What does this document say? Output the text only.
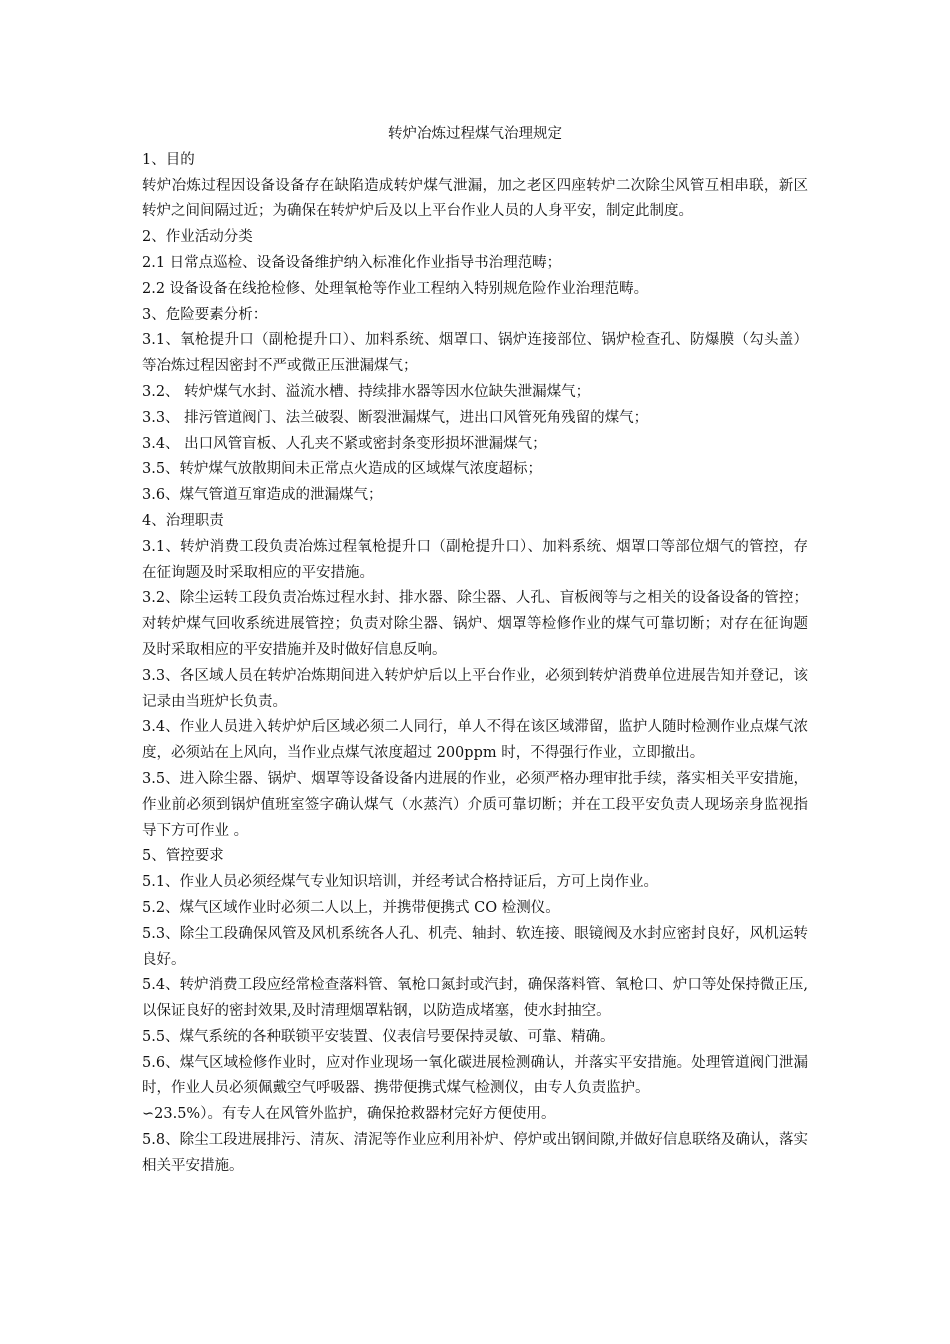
转炉冶炼过程煤气治理规定

1、目的

转炉冶炼过程因设备设备存在缺陷造成转炉煤气泄漏，加之老区四座转炉二次除尘风管互相串联，新区转炉之间间隔过近；为确保在转炉炉后及以上平台作业人员的人身平安，制定此制度。

2、作业活动分类

2.1 日常点巡检、设备设备维护纳入标准化作业指导书治理范畴；

2.2 设备设备在线抢检修、处理氧枪等作业工程纳入特别规危险作业治理范畴。

3、危险要素分析：

3.1、氧枪提升口（副枪提升口）、加料系统、烟罩口、锅炉连接部位、锅炉检查孔、防爆膜（勾头盖）等冶炼过程因密封不严或微正压泄漏煤气；

3.2、 转炉煤气水封、溢流水槽、持续排水器等因水位缺失泄漏煤气；

3.3、 排污管道阀门、法兰破裂、断裂泄漏煤气，进出口风管死角残留的煤气；

3.4、 出口风管盲板、人孔夹不紧或密封条变形损坏泄漏煤气；

3.5、转炉煤气放散期间未正常点火造成的区域煤气浓度超标；

3.6、煤气管道互窜造成的泄漏煤气；

4、治理职责

3.1、转炉消费工段负责冶炼过程氧枪提升口（副枪提升口）、加料系统、烟罩口等部位烟气的管控，存在征询题及时采取相应的平安措施。

3.2、除尘运转工段负责冶炼过程水封、排水器、除尘器、人孔、盲板阀等与之相关的设备设备的管控；对转炉煤气回收系统进展管控；负责对除尘器、锅炉、烟罩等检修作业的煤气可靠切断；对存在征询题及时采取相应的平安措施并及时做好信息反响。

3.3、各区域人员在转炉冶炼期间进入转炉炉后以上平台作业，必须到转炉消费单位进展告知并登记，该记录由当班炉长负责。

3.4、作业人员进入转炉炉后区域必须二人同行，单人不得在该区域滞留，监护人随时检测作业点煤气浓度，必须站在上风向，当作业点煤气浓度超过 200ppm 时，不得强行作业，立即撤出。

3.5、进入除尘器、锅炉、烟罩等设备设备内进展的作业，必须严格办理审批手续，落实相关平安措施，作业前必须到锅炉值班室签字确认煤气（水蒸汽）介质可靠切断；并在工段平安负责人现场亲身监视指导下方可作业 。

5、管控要求

5.1、作业人员必须经煤气专业知识培训，并经考试合格持证后，方可上岗作业。

5.2、煤气区域作业时必须二人以上，并携带便携式 CO 检测仪。

5.3、除尘工段确保风管及风机系统各人孔、机壳、轴封、软连接、眼镜阀及水封应密封良好，风机运转良好。

5.4、转炉消费工段应经常检查落料管、氧枪口氮封或汽封，确保落料管、氧枪口、炉口等处保持微正压,以保证良好的密封效果,及时清理烟罩粘钢，以防造成堵塞，使水封抽空。

5.5、煤气系统的各种联锁平安装置、仪表信号要保持灵敏、可靠、精确。

5.6、煤气区域检修作业时，应对作业现场一氧化碳进展检测确认，并落实平安措施。处理管道阀门泄漏时，作业人员必须佩戴空气呼吸器、携带便携式煤气检测仪，由专人负责监护。

∽23.5%）。有专人在风管外监护，确保抢救器材完好方便使用。

5.8、除尘工段进展排污、清灰、清泥等作业应利用补炉、停炉或出钢间隙,并做好信息联络及确认，落实相关平安措施。
